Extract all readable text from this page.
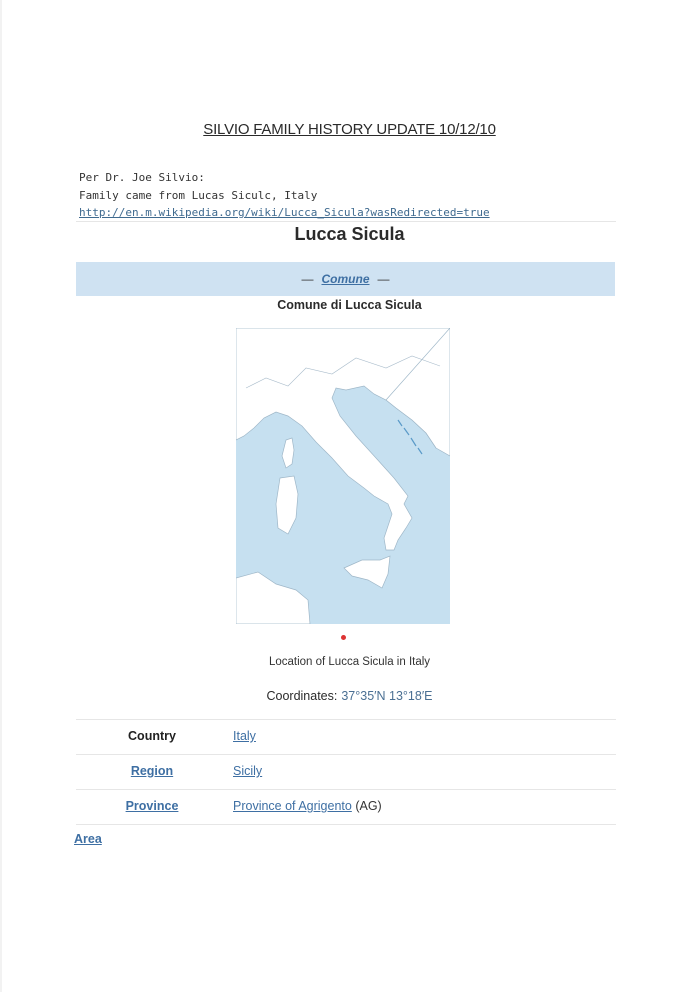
SILVIO FAMILY HISTORY UPDATE 10/12/10
Per Dr. Joe Silvio:
Family came from Lucas Siculc, Italy
http://en.m.wikipedia.org/wiki/Lucca_Sicula?wasRedirected=true
Lucca Sicula
— Comune —
Comune di Lucca Sicula
Location of Lucca Sicula in Italy
Coordinates: 37°35′N 13°18′E
Country	Italy
Region	Sicily
Province	Province of Agrigento (AG)
Area
